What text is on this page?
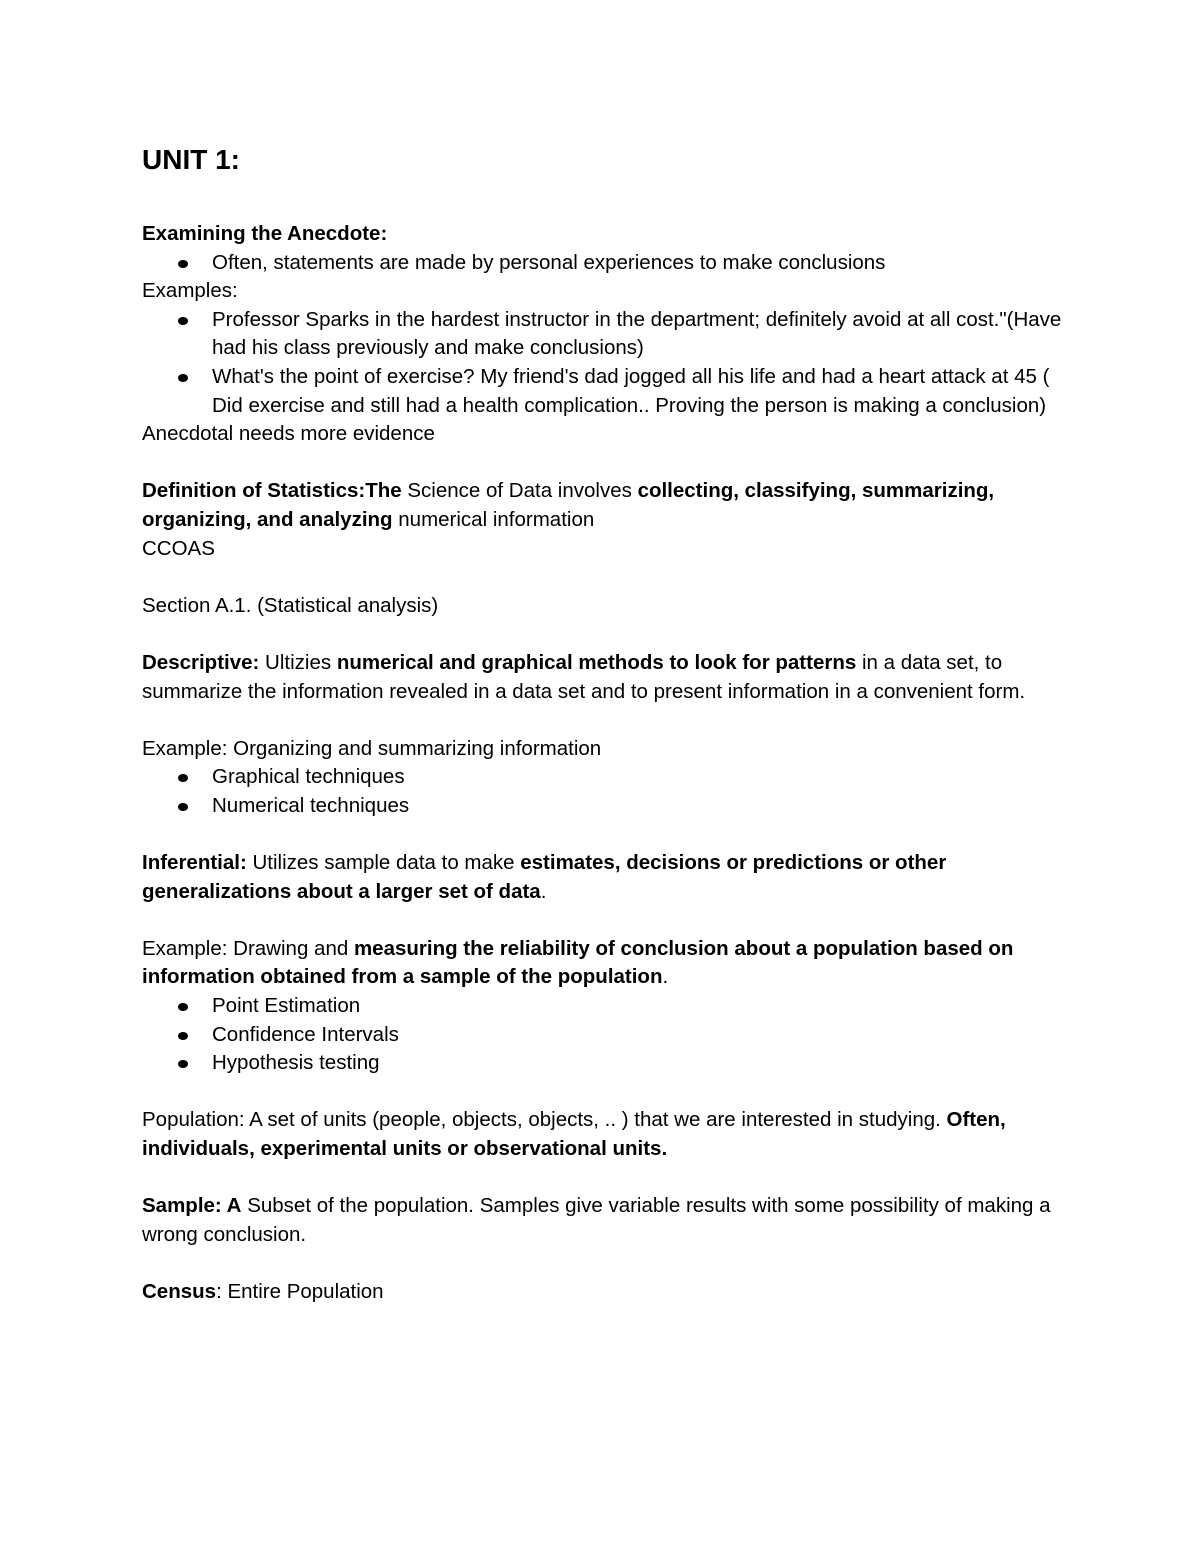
UNIT 1:

Examining the Anecdote:

Often, statements are made by personal experiences to make conclusions

Examples:

Professor Sparks in the hardest instructor in the department; definitely avoid at all cost."(Have had his class previously and make conclusions)
What's the point of exercise? My friend's dad jogged all his life and had a heart attack at 45 ( Did exercise and still had a health complication.. Proving the person is making a conclusion)

Anecdotal needs more evidence

Definition of Statistics:The Science of Data involves collecting, classifying, summarizing, organizing, and analyzing numerical information

CCOAS

Section A.1. (Statistical analysis)

Descriptive: Ultizies numerical and graphical methods to look for patterns in a data set, to summarize the information revealed in a data set and to present information in a convenient form.

Example: Organizing and summarizing information

Graphical techniques
Numerical techniques

Inferential: Utilizes sample data to make estimates, decisions or predictions or other generalizations about a larger set of data.

Example: Drawing and measuring the reliability of conclusion about a population based on information obtained from a sample of the population.

Point Estimation
Confidence Intervals
Hypothesis testing

Population: A set of units (people, objects, objects, .. ) that we are interested in studying. Often, individuals, experimental units or observational units.

Sample: A Subset of the population. Samples give variable results with some possibility of making a wrong conclusion.

Census: Entire Population
